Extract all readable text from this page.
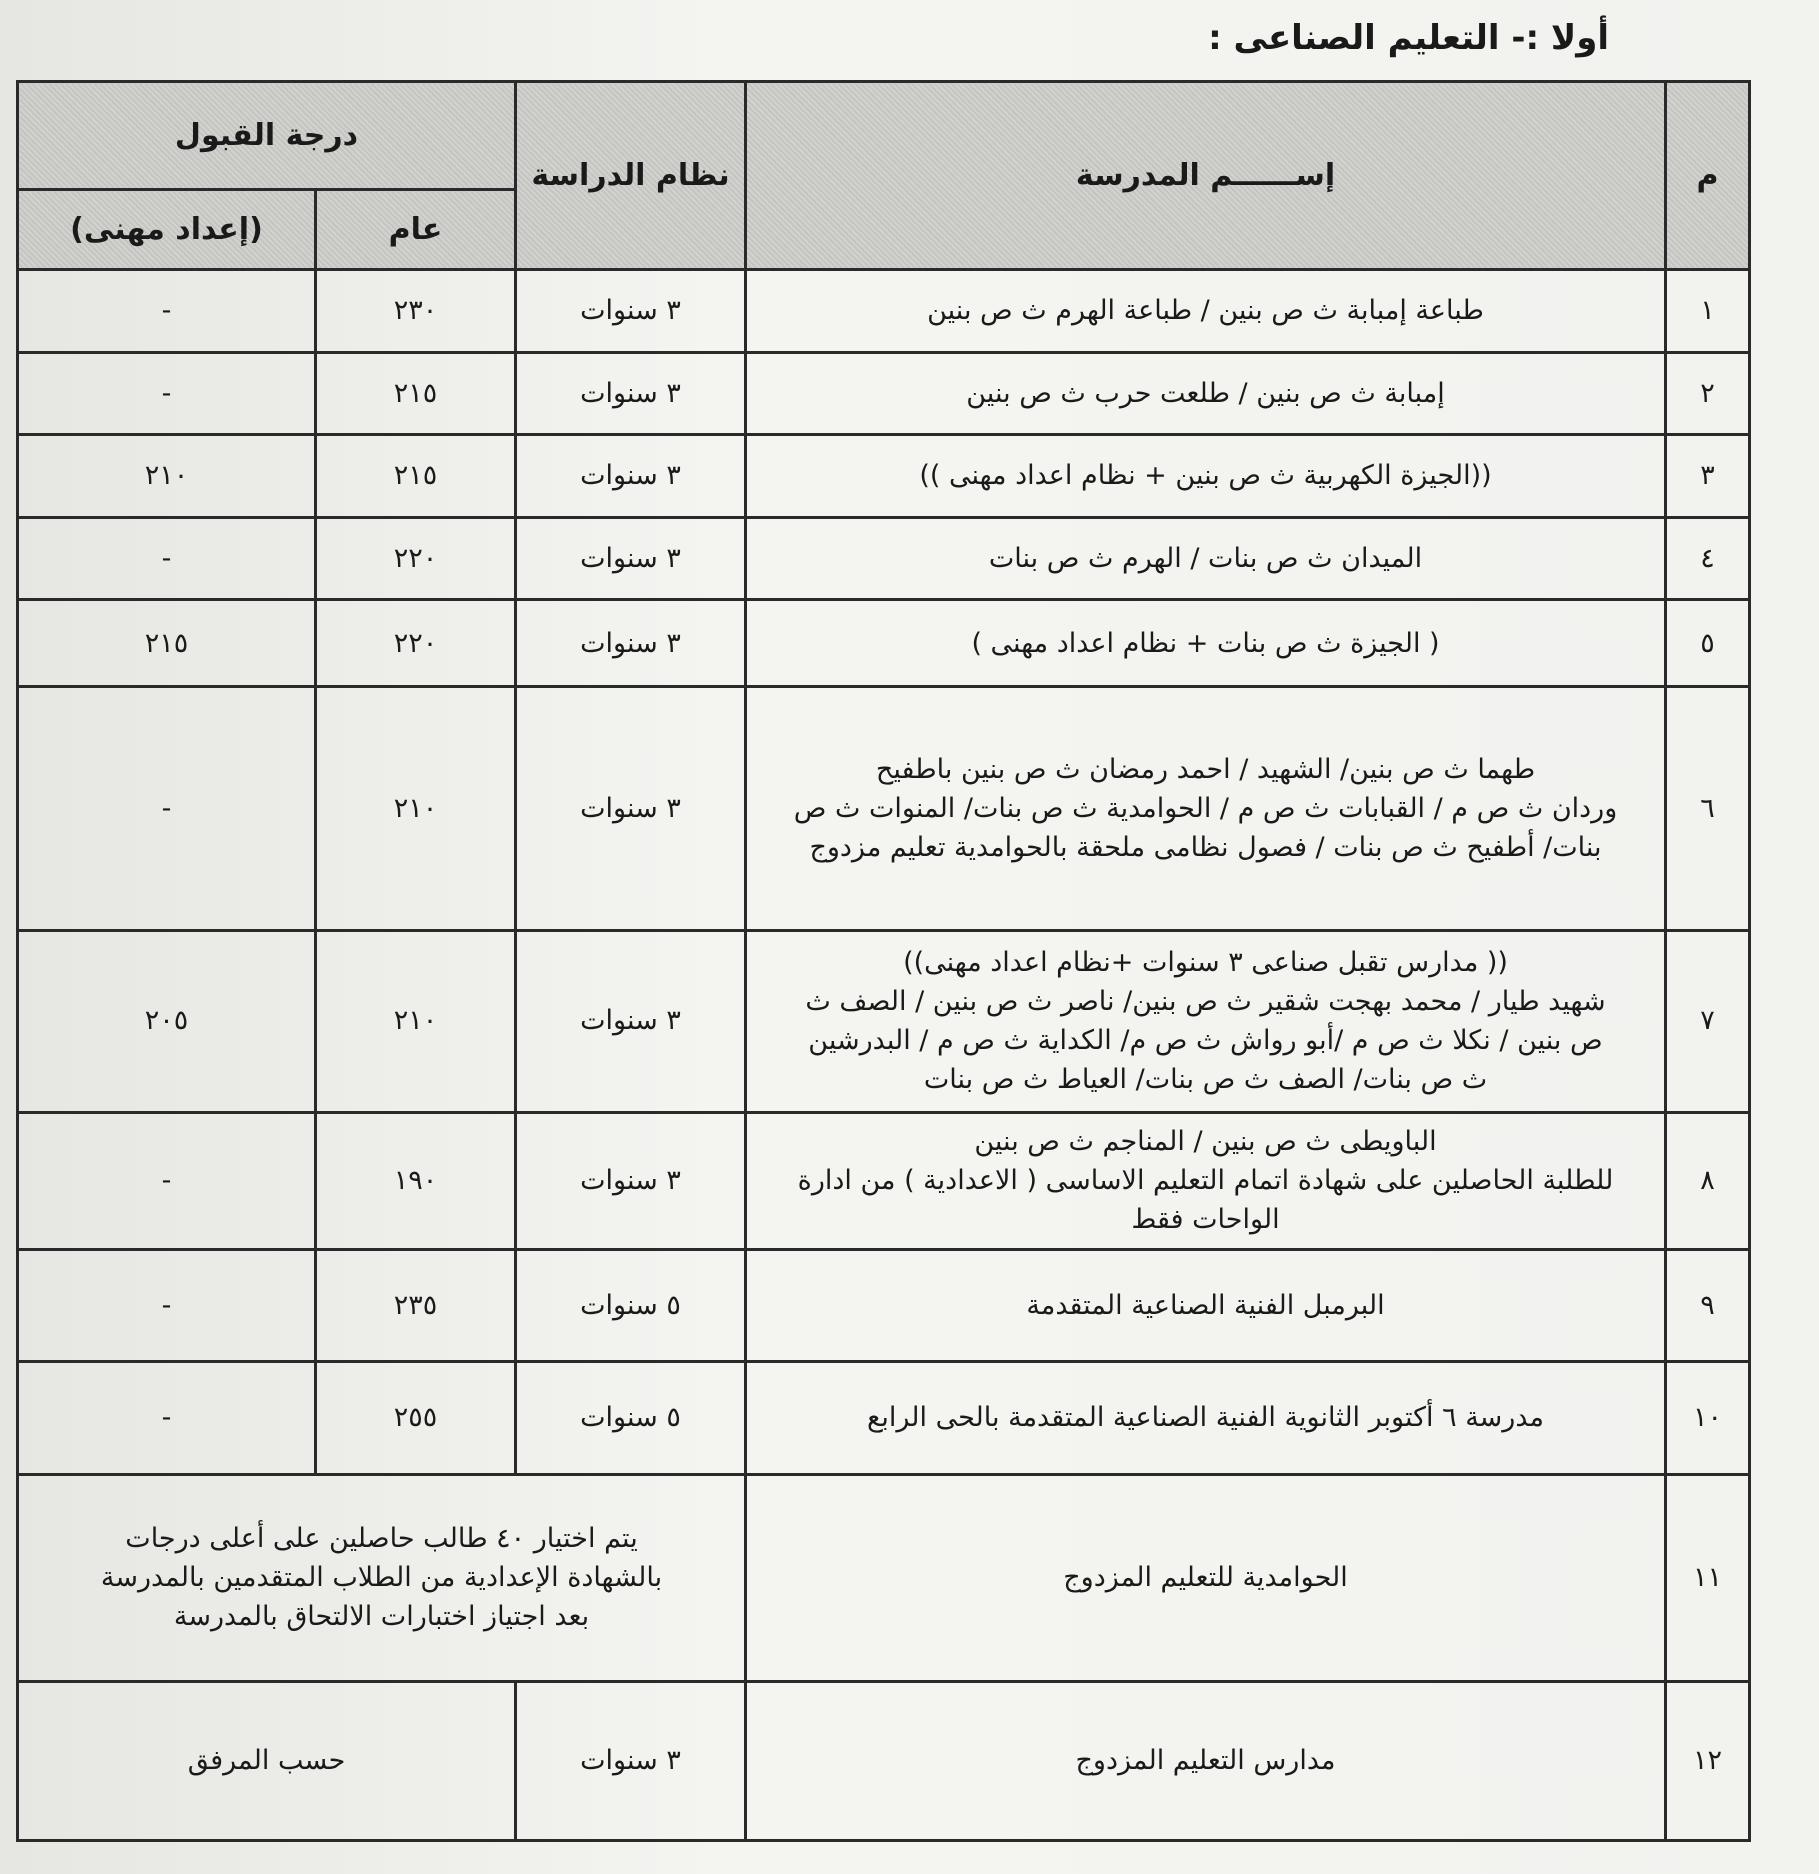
أولا :- التعليم الصناعى :
م	إســــــم المدرسة	نظام الدراسة	درجة القبول	
			عام	(إعداد مهنى)
١	طباعة إمبابة ث ص بنين / طباعة الهرم ث ص بنين	٣ سنوات	٢٣٠	-
٢	إمبابة ث ص بنين / طلعت حرب ث ص بنين	٣ سنوات	٢١٥	-
٣	((الجيزة الكهربية ث ص بنين + نظام اعداد مهنى ))	٣ سنوات	٢١٥	٢١٠
٤	الميدان ث ص بنات / الهرم ث ص بنات	٣ سنوات	٢٢٠	-
٥	( الجيزة ث ص بنات + نظام اعداد مهنى )	٣ سنوات	٢٢٠	٢١٥
٦	طهما ث ص بنين/ الشهيد / احمد رمضان ث ص بنين باطفيح
وردان ث ص م / القبابات ث ص م / الحوامدية ث ص بنات/ المنوات ث ص
بنات/ أطفيح ث ص بنات / فصول نظامى ملحقة بالحوامدية تعليم مزدوج	٣ سنوات	٢١٠	-
٧	(( مدارس تقبل صناعى ٣ سنوات +نظام اعداد مهنى))
شهيد طيار / محمد بهجت شقير ث ص بنين/ ناصر ث ص بنين / الصف ث
ص بنين / نكلا ث ص م /أبو رواش ث ص م/ الكداية ث ص م / البدرشين
ث ص بنات/ الصف ث ص بنات/ العياط ث ص بنات	٣ سنوات	٢١٠	٢٠٥
٨	الباويطى ث ص بنين / المناجم ث ص بنين
للطلبة الحاصلين على شهادة اتمام التعليم الاساسى ( الاعدادية ) من ادارة
الواحات فقط	٣ سنوات	١٩٠	-
٩	البرمبل الفنية الصناعية المتقدمة	٥ سنوات	٢٣٥	-
١٠	مدرسة ٦ أكتوبر الثانوية الفنية الصناعية المتقدمة بالحى الرابع	٥ سنوات	٢٥٥	-
١١	الحوامدية للتعليم المزدوج	يتم اختيار ٤٠ طالب حاصلين على أعلى درجات
بالشهادة الإعدادية من الطلاب المتقدمين بالمدرسة
بعد اجتياز اختبارات الالتحاق بالمدرسة		

١٢	مدارس التعليم المزدوج	٣ سنوات	حسب المرفق	
